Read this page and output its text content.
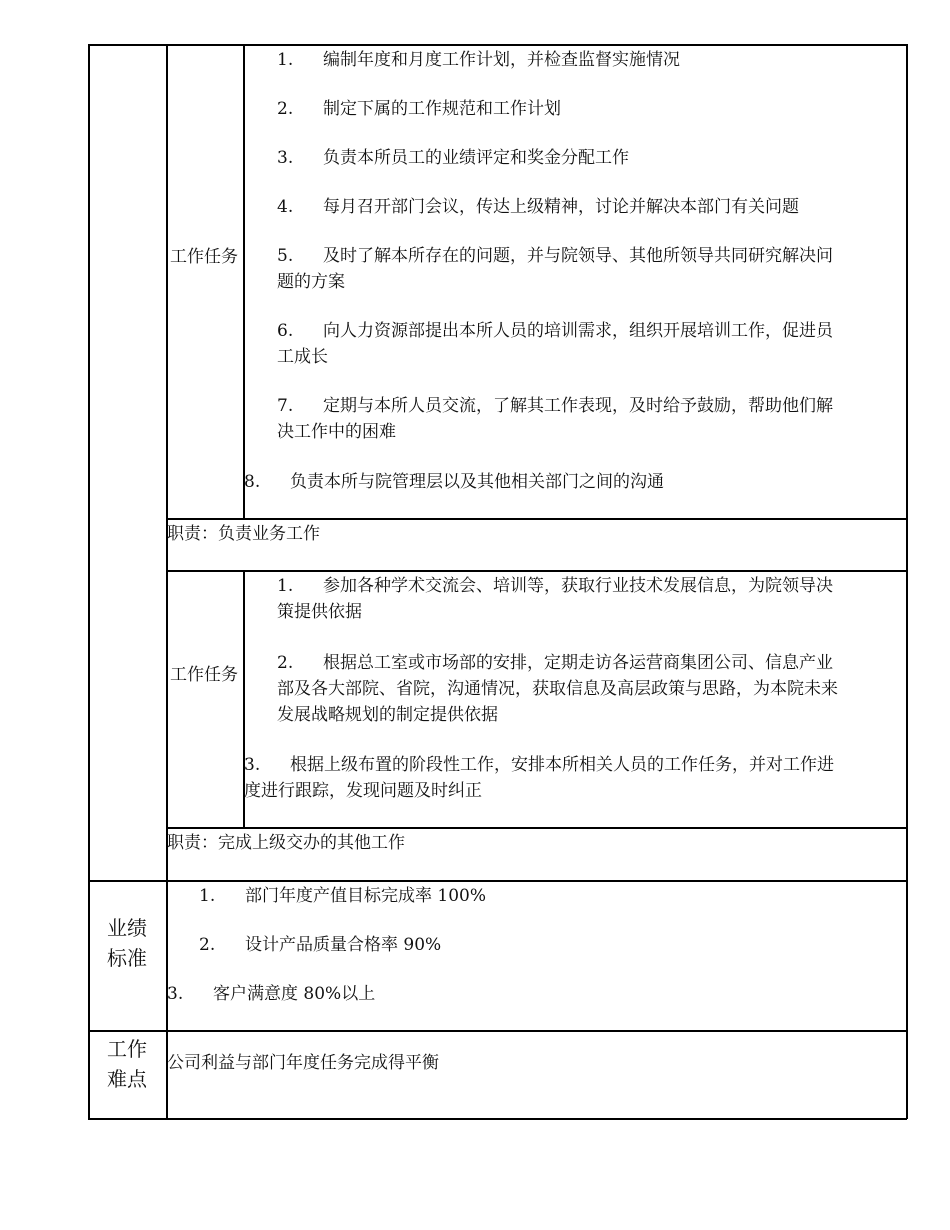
工作任务
1. 编制年度和月度工作计划，并检查监督实施情况
2. 制定下属的工作规范和工作计划
3. 负责本所员工的业绩评定和奖金分配工作
4. 每月召开部门会议，传达上级精神，讨论并解决本部门有关问题
5. 及时了解本所存在的问题，并与院领导、其他所领导共同研究解决问
题的方案
6. 向人力资源部提出本所人员的培训需求，组织开展培训工作，促进员
工成长
7. 定期与本所人员交流，了解其工作表现，及时给予鼓励，帮助他们解
决工作中的困难
8. 负责本所与院管理层以及其他相关部门之间的沟通
职责：负责业务工作
工作任务
1. 参加各种学术交流会、培训等，获取行业技术发展信息，为院领导决
策提供依据
2. 根据总工室或市场部的安排，定期走访各运营商集团公司、信息产业
部及各大部院、省院，沟通情况，获取信息及高层政策与思路，为本院未来
发展战略规划的制定提供依据
3. 根据上级布置的阶段性工作，安排本所相关人员的工作任务，并对工作进
度进行跟踪，发现问题及时纠正
职责：完成上级交办的其他工作
业绩标准
1. 部门年度产值目标完成率 100%
2. 设计产品质量合格率 90%
3. 客户满意度 80%以上
工作难点
公司利益与部门年度任务完成得平衡
